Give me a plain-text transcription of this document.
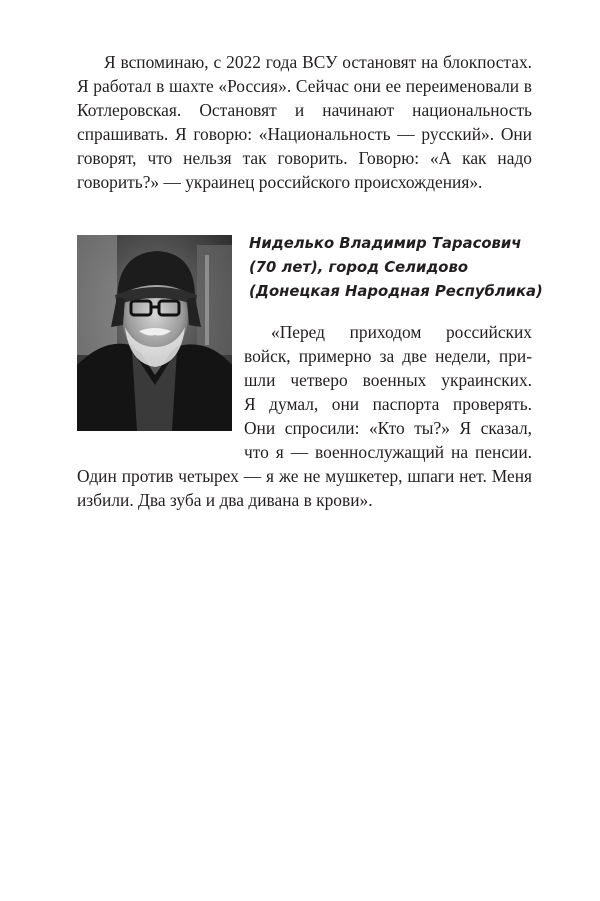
Я вспоминаю, с 2022 года ВСУ остановят на блокпостах. Я работал в шахте «Россия». Сейчас они ее переименовали в Котлеровская. Остановят и начинают национальность спрашивать. Я говорю: «Национальность — русский». Они говорят, что нельзя так говорить. Говорю: «А как надо говорить?» — украинец российского происхождения».

Ниделько Владимир Тарасович
(70 лет), город Селидово
(Донецкая Народная Республика)

«Перед приходом российских
войск, примерно за две недели, при-
шли четверо военных украинских.
Я думал, они паспорта проверять.
Они спросили: «Кто ты?» Я сказал,
что я — военнослужащий на пенсии.
Один против четырех — я же не мушкетер, шпаги нет. Меня
избили. Два зуба и два дивана в крови».
